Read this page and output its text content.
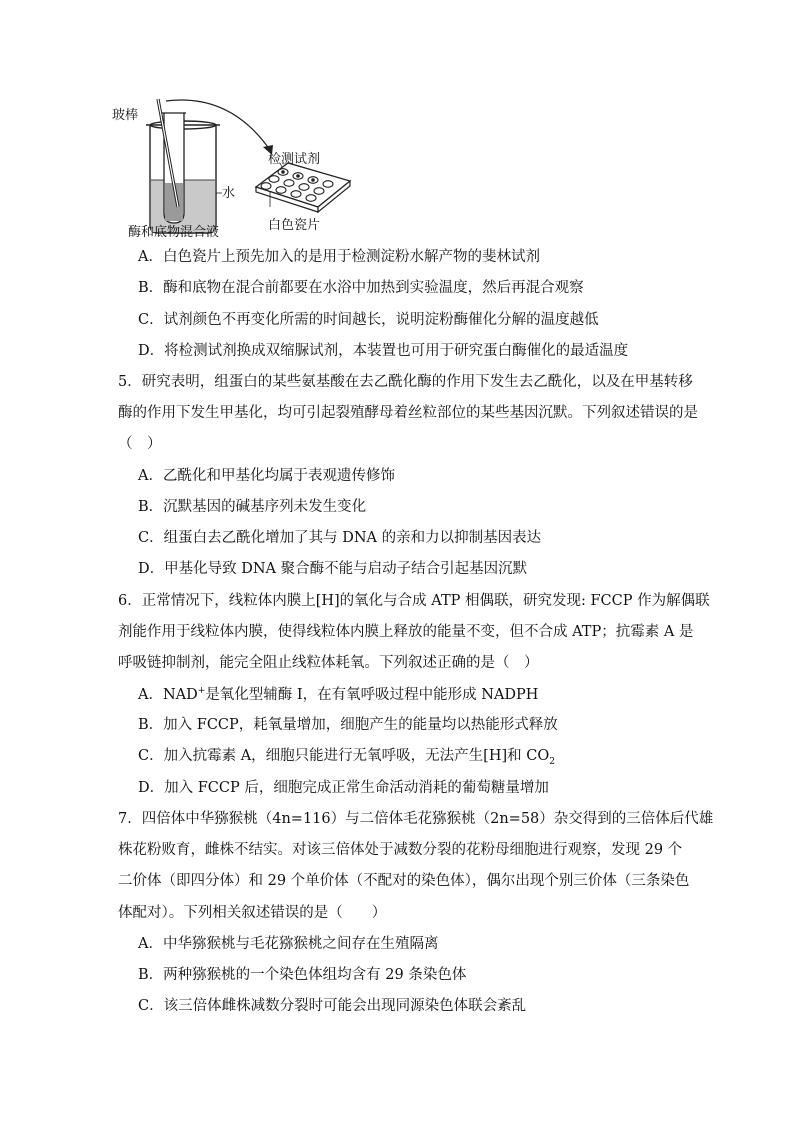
玻棒
检测试剂
水
酶和底物混合液	白色瓷片
A．白色瓷片上预先加入的是用于检测淀粉水解产物的斐林试剂
B．酶和底物在混合前都要在水浴中加热到实验温度，然后再混合观察
C．试剂颜色不再变化所需的时间越长，说明淀粉酶催化分解的温度越低
D．将检测试剂换成双缩脲试剂，本装置也可用于研究蛋白酶催化的最适温度
5．研究表明，组蛋白的某些氨基酸在去乙酰化酶的作用下发生去乙酰化，以及在甲基转移
酶的作用下发生甲基化，均可引起裂殖酵母着丝粒部位的某些基因沉默。下列叙述错误的是
（　）
A．乙酰化和甲基化均属于表观遗传修饰
B．沉默基因的碱基序列未发生变化
C．组蛋白去乙酰化增加了其与 DNA 的亲和力以抑制基因表达
D．甲基化导致 DNA 聚合酶不能与启动子结合引起基因沉默
6．正常情况下，线粒体内膜上[H]的氧化与合成 ATP 相偶联，研究发现: FCCP 作为解偶联
剂能作用于线粒体内膜，使得线粒体内膜上释放的能量不变，但不合成 ATP；抗霉素 A 是
呼吸链抑制剂，能完全阻止线粒体耗氧。下列叙述正确的是（　）
A．NAD+是氧化型辅酶 I，在有氧呼吸过程中能形成 NADPH
B．加入 FCCP，耗氧量增加，细胞产生的能量均以热能形式释放
C．加入抗霉素 A，细胞只能进行无氧呼吸，无法产生[H]和 $CO_2$
D．加入 FCCP 后，细胞完成正常生命活动消耗的葡萄糖量增加
7．四倍体中华猕猴桃（4n=116）与二倍体毛花猕猴桃（2n=58）杂交得到的三倍体后代雄
株花粉败育，雌株不结实。对该三倍体处于减数分裂的花粉母细胞进行观察，发现 29 个
二价体（即四分体）和 29 个单价体（不配对的染色体），偶尔出现个别三价体（三条染色
体配对）。下列相关叙述错误的是（　　）
A．中华猕猴桃与毛花猕猴桃之间存在生殖隔离
B．两种猕猴桃的一个染色体组均含有 29 条染色体
C．该三倍体雌株减数分裂时可能会出现同源染色体联会紊乱
